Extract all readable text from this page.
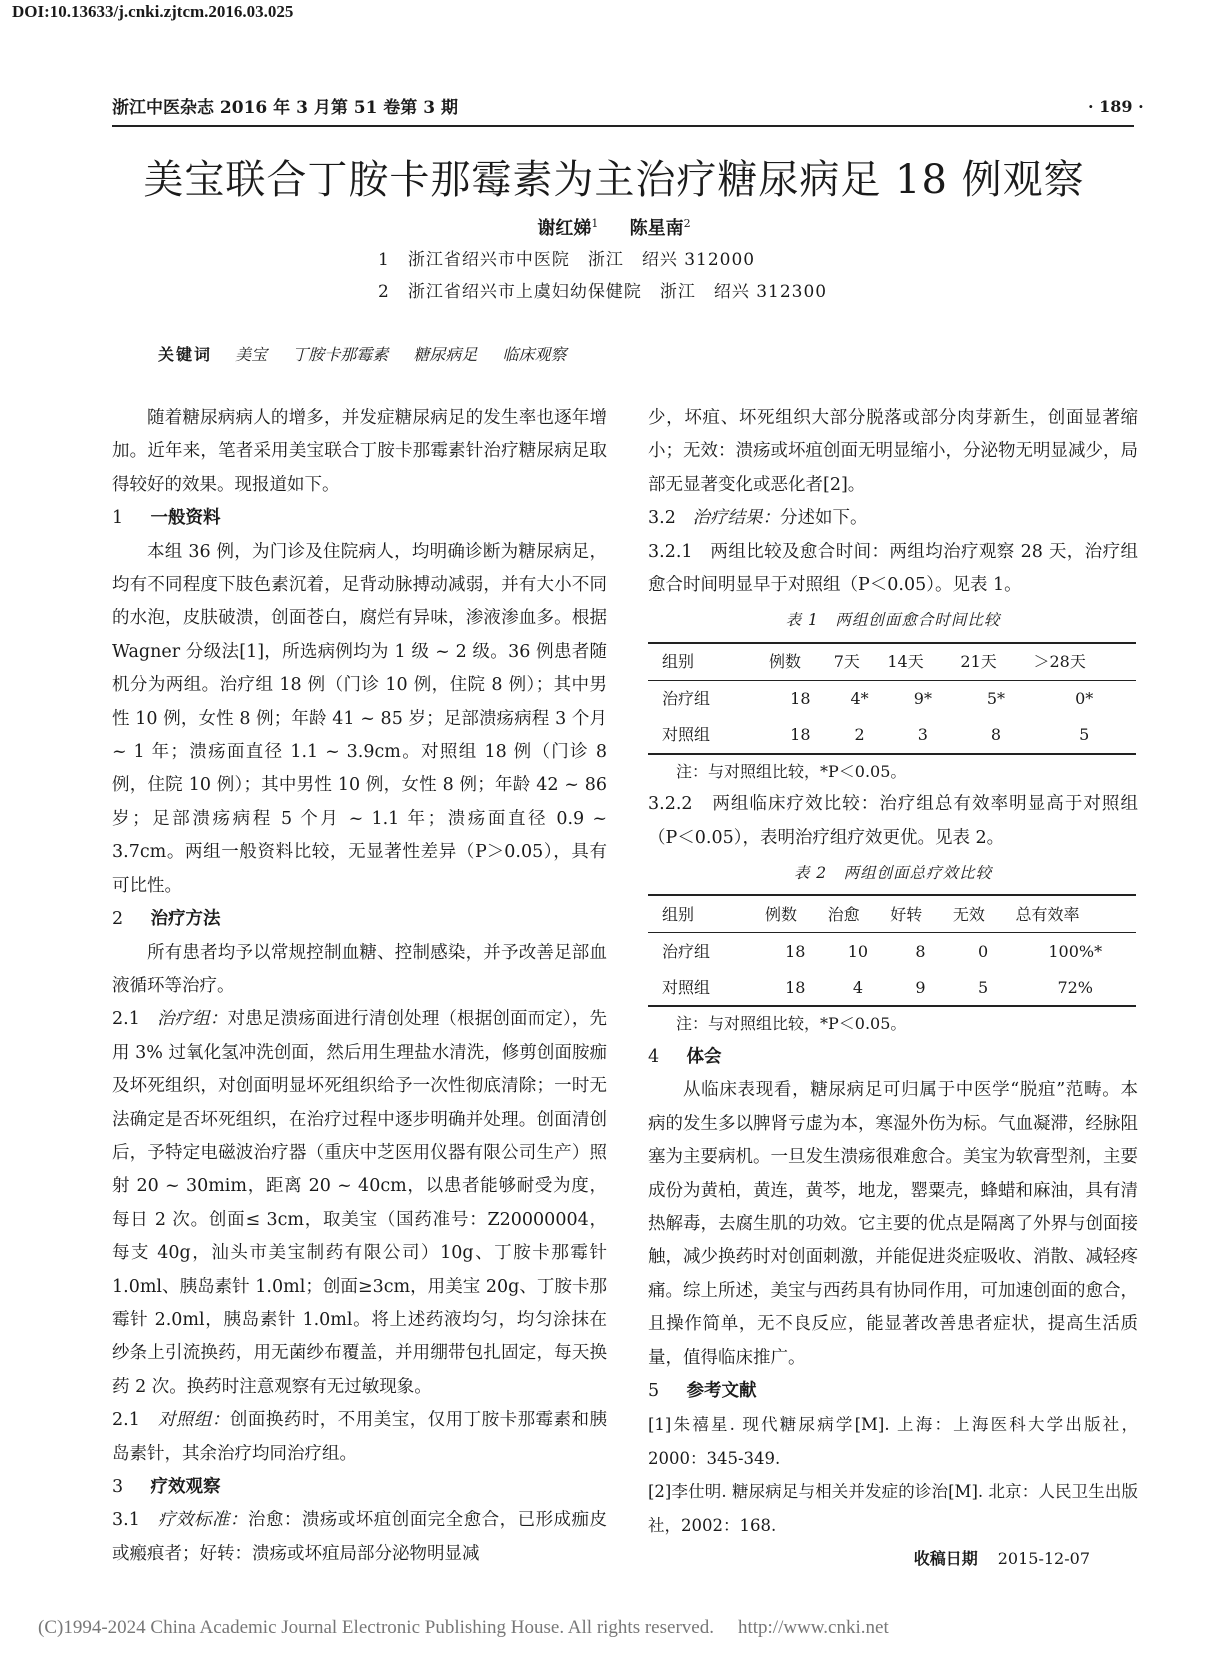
DOI:10.13633/j.cnki.zjtcm.2016.03.025
浙江中医杂志 2016 年 3 月第 51 卷第 3 期	· 189 ·
美宝联合丁胺卡那霉素为主治疗糖尿病足 18 例观察
谢红娣$^1$ 陈星南$^2$
1　浙江省绍兴市中医院　浙江　绍兴 312000
2　浙江省绍兴市上虞妇幼保健院　浙江　绍兴 312300
关键词 美宝 丁胺卡那霉素 糖尿病足 临床观察

随着糖尿病病人的增多，并发症糖尿病足的发生率也逐年增加。近年来，笔者采用美宝联合丁胺卡那霉素针治疗糖尿病足取得较好的效果。现报道如下。

1 一般资料

本组 36 例，为门诊及住院病人，均明确诊断为糖尿病足，均有不同程度下肢色素沉着，足背动脉搏动减弱，并有大小不同的水泡，皮肤破溃，创面苍白，腐烂有异味，渗液渗血多。根据 Wagner 分级法[1]，所选病例均为 1 级 ~ 2 级。36 例患者随机分为两组。治疗组 18 例（门诊 10 例，住院 8 例）；其中男性 10 例，女性 8 例；年龄 41 ~ 85 岁；足部溃疡病程 3 个月 ~ 1 年；溃疡面直径 1.1 ~ 3.9cm。对照组 18 例（门诊 8 例，住院 10 例）；其中男性 10 例，女性 8 例；年龄 42 ~ 86 岁；足部溃疡病程 5 个月 ~ 1.1 年；溃疡面直径 0.9 ~ 3.7cm。两组一般资料比较，无显著性差异（P＞0.05），具有可比性。

2 治疗方法

所有患者均予以常规控制血糖、控制感染，并予改善足部血液循环等治疗。

2.1 治疗组：对患足溃疡面进行清创处理（根据创面而定），先用 3% 过氧化氢冲洗创面，然后用生理盐水清洗，修剪创面胺痂及坏死组织，对创面明显坏死组织给予一次性彻底清除；一时无法确定是否坏死组织，在治疗过程中逐步明确并处理。创面清创后，予特定电磁波治疗器（重庆中芝医用仪器有限公司生产）照射 20 ~ 30mim，距离 20 ~ 40cm，以患者能够耐受为度，每日 2 次。创面≤ 3cm，取美宝（国药准号：Z20000004，每支 40g，汕头市美宝制药有限公司）10g、丁胺卡那霉针 1.0ml、胰岛素针 1.0ml；创面≥3cm，用美宝 20g、丁胺卡那霉针 2.0ml，胰岛素针 1.0ml。将上述药液均匀，均匀涂抹在纱条上引流换药，用无菌纱布覆盖，并用绷带包扎固定，每天换药 2 次。换药时注意观察有无过敏现象。

2.1 对照组：创面换药时，不用美宝，仅用丁胺卡那霉素和胰岛素针，其余治疗均同治疗组。

3 疗效观察

3.1 疗效标准：治愈：溃疡或坏疽创面完全愈合，已形成痂皮或瘢痕者；好转：溃疡或坏疽局部分泌物明显减

少，坏疽、坏死组织大部分脱落或部分肉芽新生，创面显著缩小；无效：溃疡或坏疽创面无明显缩小，分泌物无明显减少，局部无显著变化或恶化者[2]。

3.2 治疗结果：分述如下。

3.2.1 两组比较及愈合时间：两组均治疗观察 28 天，治疗组愈合时间明显早于对照组（P＜0.05）。见表 1。

表 1　两组创面愈合时间比较
组别	例数	7天	14天	21天	＞28天
治疗组	18	4*	9*	5*	0*
对照组	18	2	3	8	5

注：与对照组比较，*P＜0.05。

3.2.2 两组临床疗效比较：治疗组总有效率明显高于对照组（P＜0.05），表明治疗组疗效更优。见表 2。

表 2　两组创面总疗效比较
组别	例数	治愈	好转	无效	总有效率
治疗组	18	10	8	0	100%*
对照组	18	4	9	5	72%

注：与对照组比较，*P＜0.05。

4 体会

从临床表现看，糖尿病足可归属于中医学“脱疽”范畴。本病的发生多以脾肾亏虚为本，寒湿外伤为标。气血凝滞，经脉阻塞为主要病机。一旦发生溃疡很难愈合。美宝为软膏型剂，主要成份为黄柏，黄连，黄芩，地龙，罂粟壳，蜂蜡和麻油，具有清热解毒，去腐生肌的功效。它主要的优点是隔离了外界与创面接触，减少换药时对创面刺激，并能促进炎症吸收、消散、减轻疼痛。综上所述，美宝与西药具有协同作用，可加速创面的愈合，且操作简单，无不良反应，能显著改善患者症状，提高生活质量，值得临床推广。

5 参考文献

[1]朱禧星. 现代糖尿病学[M]. 上海：上海医科大学出版社，2000：345-349.

[2]李仕明. 糖尿病足与相关并发症的诊治[M]. 北京：人民卫生出版社，2002：168.

收稿日期 2015-12-07

(C)1994-2024 China Academic Journal Electronic Publishing House. All rights reserved. http://www.cnki.net
